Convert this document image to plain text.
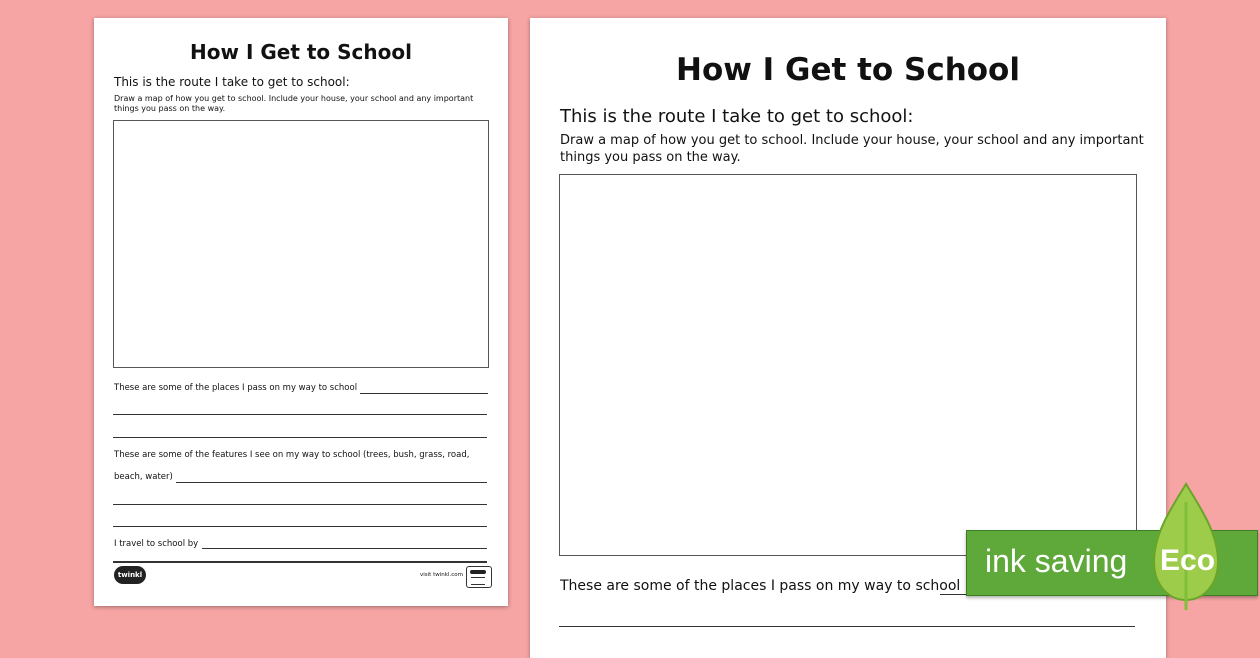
How I Get to School
This is the route I take to get to school:
Draw a map of how you get to school. Include your house, your school and any important things you pass on the way.
These are some of the places I pass on my way to school
These are some of the features I see on my way to school (trees, bush, grass, road,
beach, water)
I travel to school by
twinkl	visit twinkl.com
How I Get to School
This is the route I take to get to school:
Draw a map of how you get to school. Include your house, your school and any important things you pass on the way.
These are some of the places I pass on my way to school
ink saving Eco
